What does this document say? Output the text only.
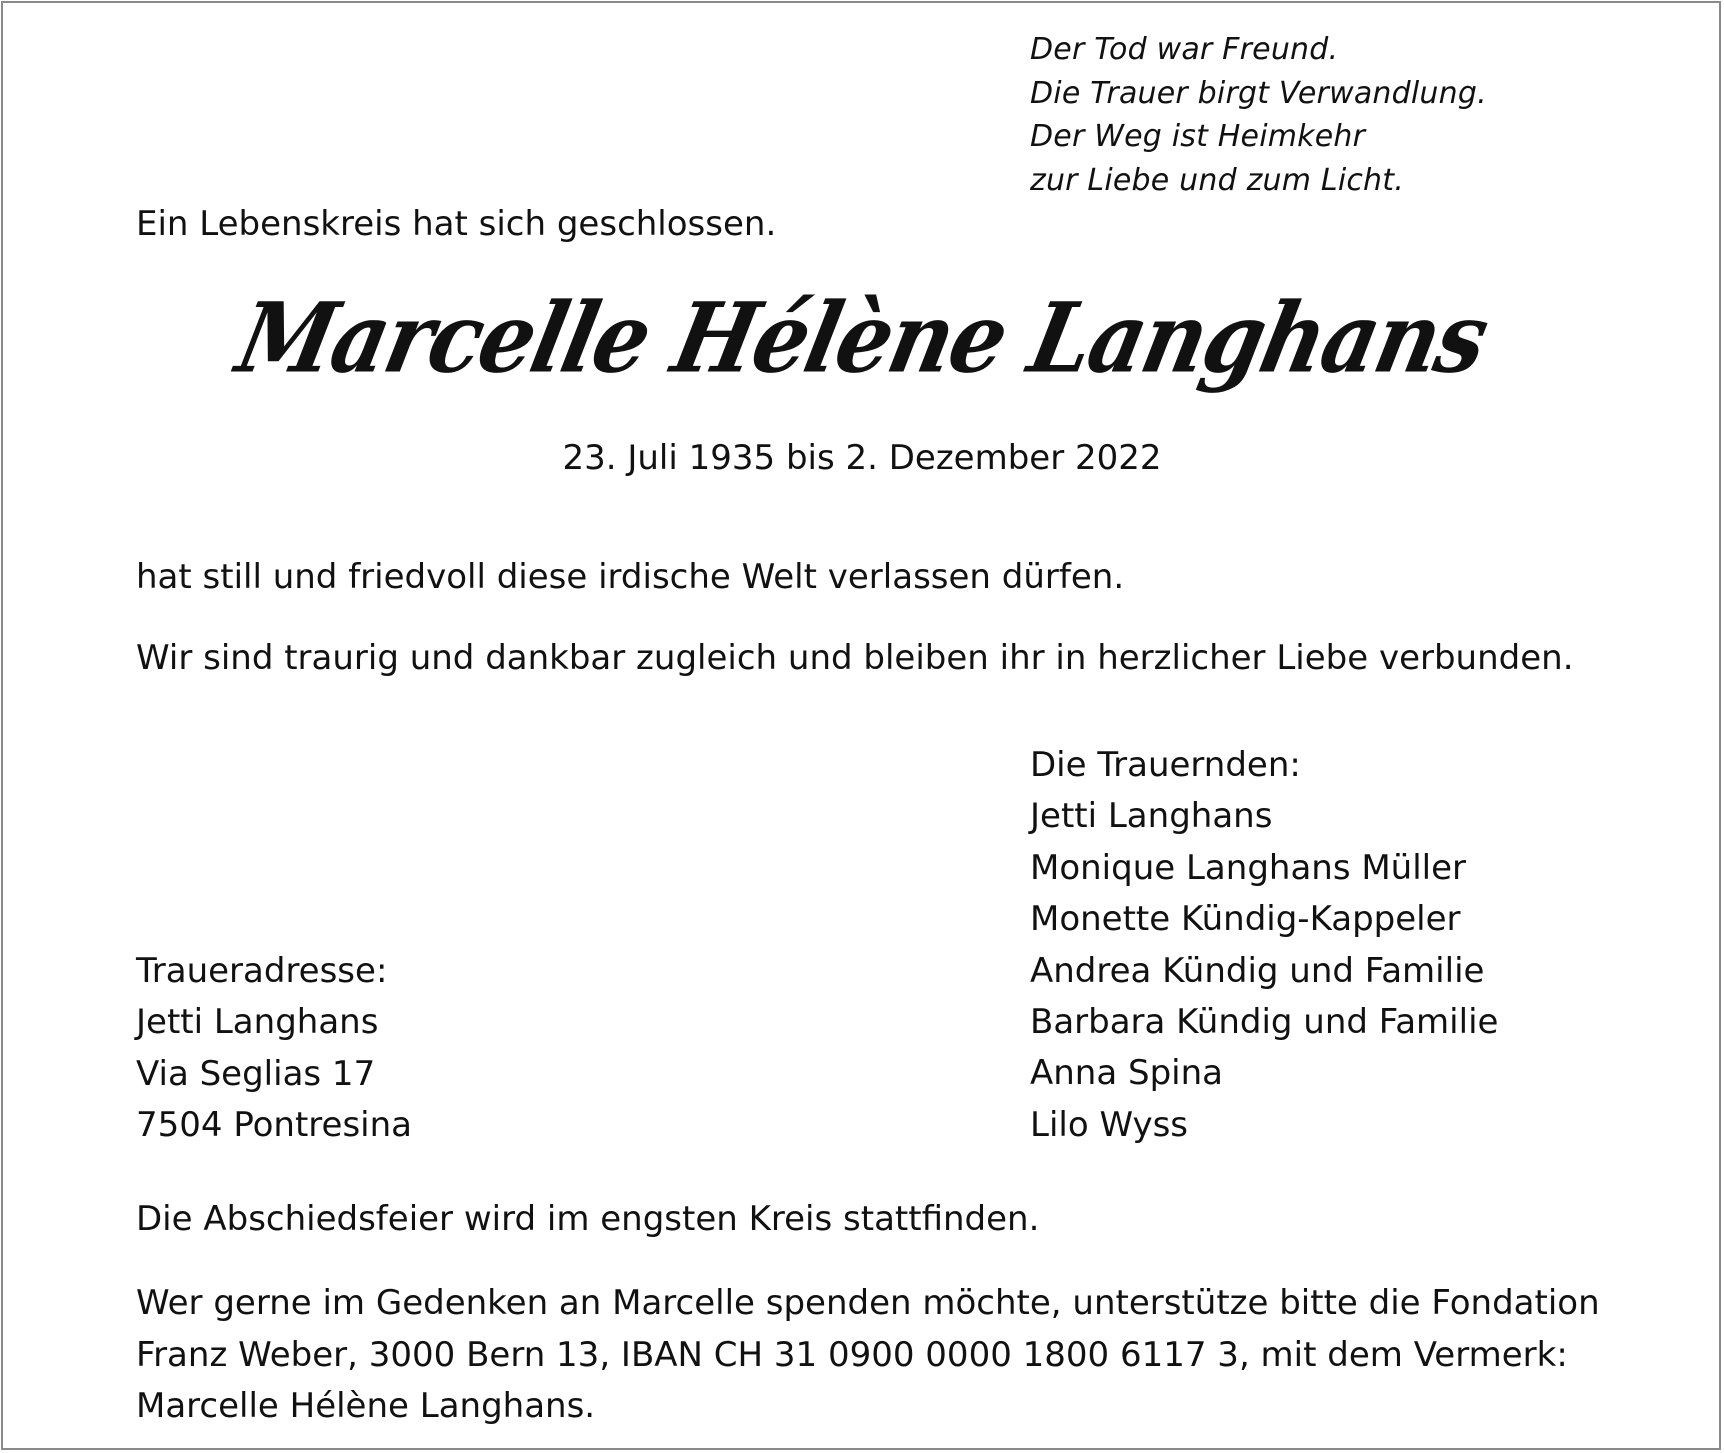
Der Tod war Freund.
Die Trauer birgt Verwandlung.
Der Weg ist Heimkehr
zur Liebe und zum Licht.
Ein Lebenskreis hat sich geschlossen.
Marcelle Hélène Langhans
23. Juli 1935 bis 2. Dezember 2022
hat still und friedvoll diese irdische Welt verlassen dürfen.
Wir sind traurig und dankbar zugleich und bleiben ihr in herzlicher Liebe verbunden.
Die Trauernden:
Jetti Langhans
Monique Langhans Müller
Monette Kündig-Kappeler
Andrea Kündig und Familie
Barbara Kündig und Familie
Anna Spina
Lilo Wyss
Traueradresse:
Jetti Langhans
Via Seglias 17
7504 Pontresina
Die Abschiedsfeier wird im engsten Kreis stattfinden.
Wer gerne im Gedenken an Marcelle spenden möchte, unterstütze bitte die Fondation
Franz Weber, 3000 Bern 13, IBAN CH 31 0900 0000 1800 6117 3, mit dem Vermerk:
Marcelle Hélène Langhans.
